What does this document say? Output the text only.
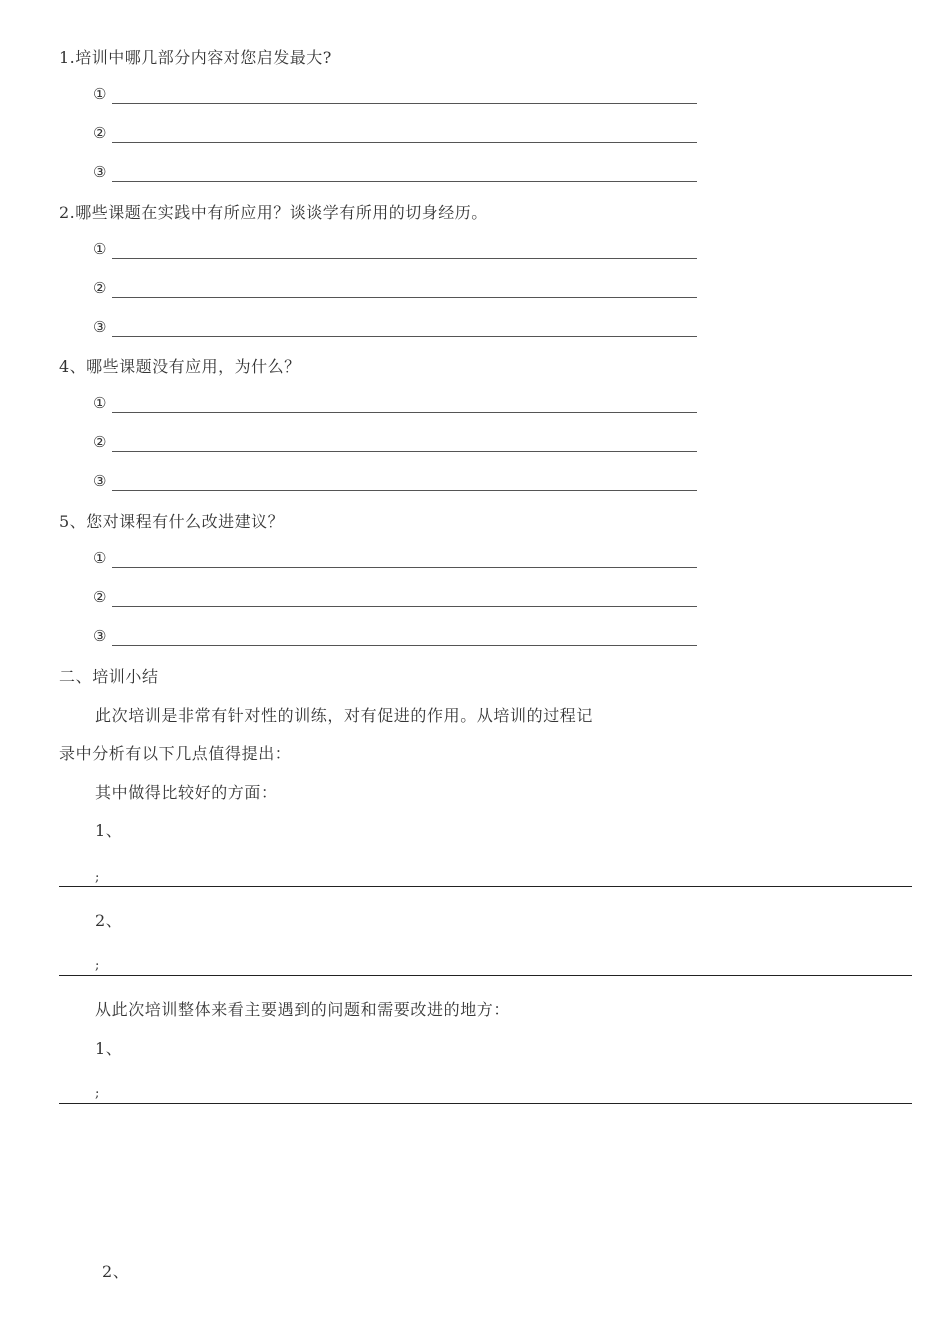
1.培训中哪几部分内容对您启发最大?
①
②
③
2.哪些课题在实践中有所应用？谈谈学有所用的切身经历。
①
②
③
4、哪些课题没有应用，为什么？
①
②
③
5、您对课程有什么改进建议？
①
②
③
二、培训小结
此次培训是非常有针对性的训练，对有促进的作用。从培训的过程记
录中分析有以下几点值得提出：
其中做得比较好的方面：
1、
;
2、
;
从此次培训整体来看主要遇到的问题和需要改进的地方：
1、
;
2、
